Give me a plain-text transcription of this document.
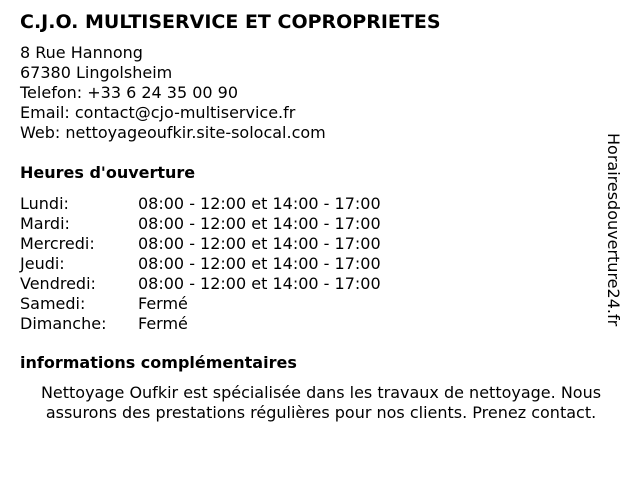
C.J.O. MULTISERVICE ET COPROPRIETES
8 Rue Hannong
67380 Lingolsheim
Telefon: +33 6 24 35 00 90
Email: contact@cjo-multiservice.fr
Web: nettoyageoufkir.site-solocal.com
Heures d'ouverture
Lundi:	08:00 - 12:00 et 14:00 - 17:00
Mardi:	08:00 - 12:00 et 14:00 - 17:00
Mercredi:	08:00 - 12:00 et 14:00 - 17:00
Jeudi:	08:00 - 12:00 et 14:00 - 17:00
Vendredi:	08:00 - 12:00 et 14:00 - 17:00
Samedi:	Fermé
Dimanche: Fermé
informations complémentaires
Nettoyage Oufkir est spécialisée dans les travaux de nettoyage. Nous assurons des prestations régulières pour nos clients. Prenez contact.
Horairesdouverture24.fr
